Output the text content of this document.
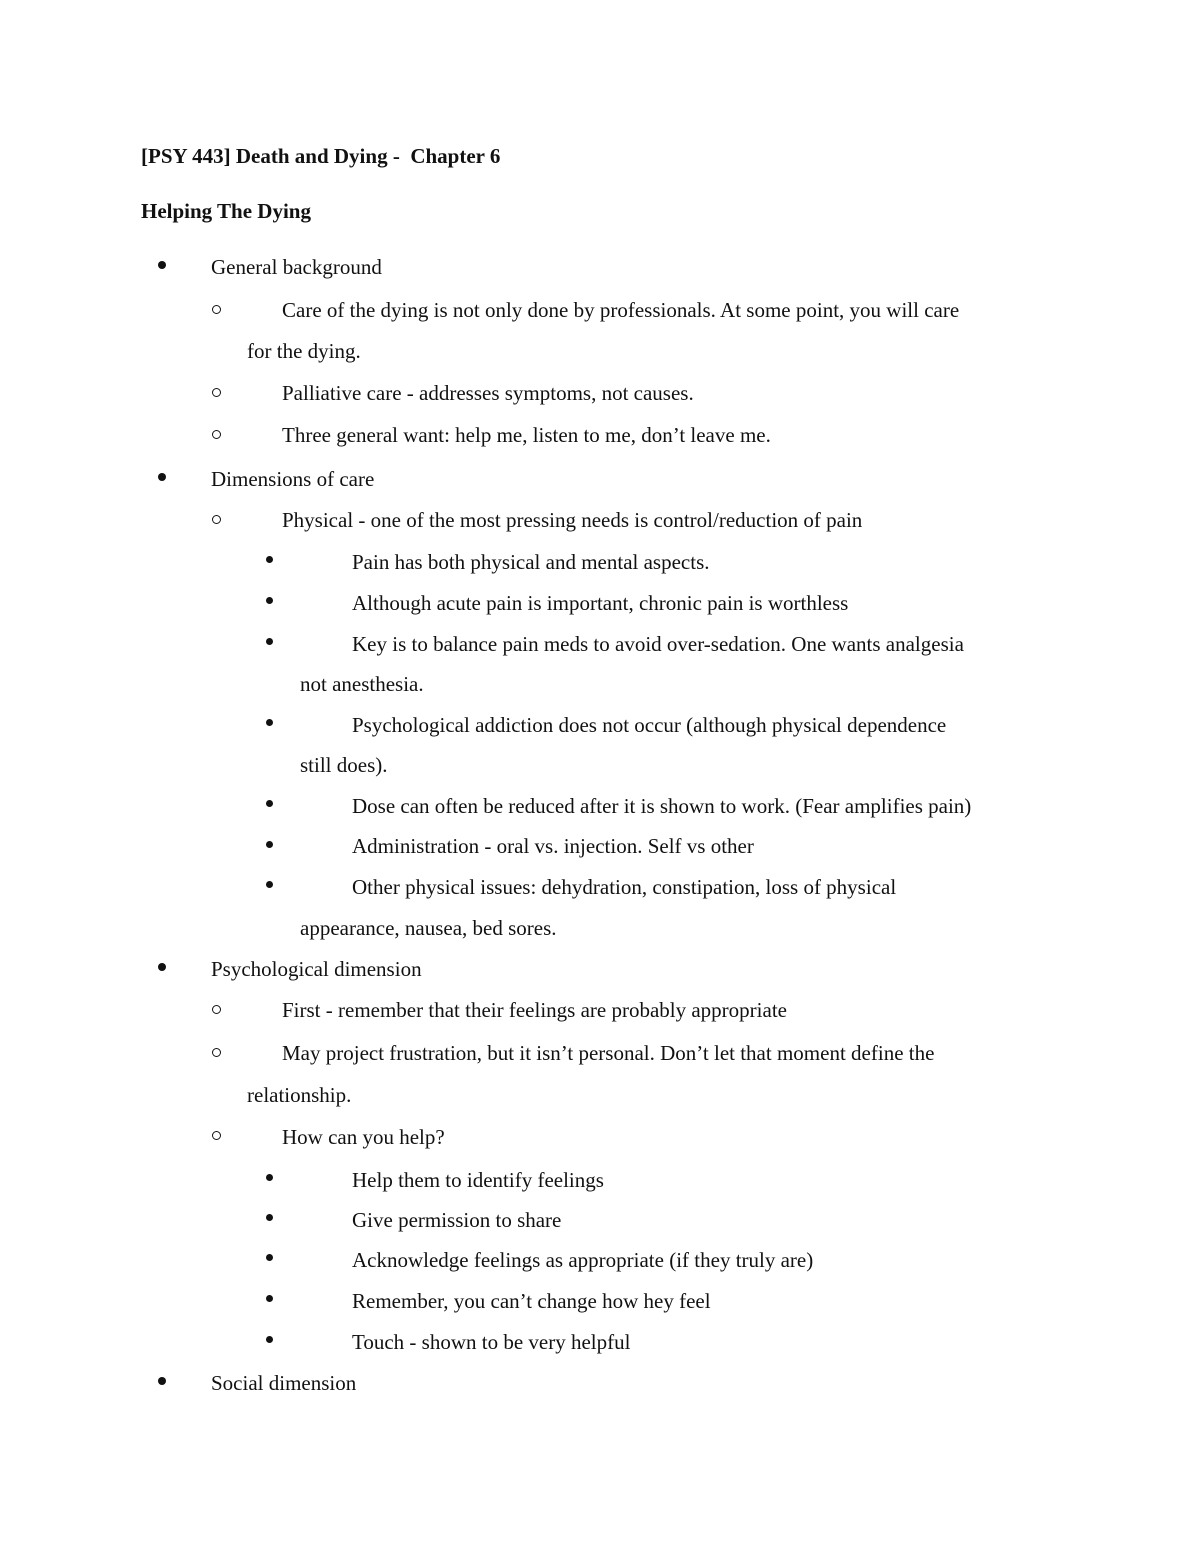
[PSY 443] Death and Dying -  Chapter 6
Helping The Dying
General background
Care of the dying is not only done by professionals. At some point, you will care
for the dying.
Palliative care - addresses symptoms, not causes.
Three general want: help me, listen to me, don’t leave me.
Dimensions of care
Physical - one of the most pressing needs is control/reduction of pain
Pain has both physical and mental aspects.
Although acute pain is important, chronic pain is worthless
Key is to balance pain meds to avoid over-sedation. One wants analgesia
not anesthesia.
Psychological addiction does not occur (although physical dependence
still does).
Dose can often be reduced after it is shown to work. (Fear amplifies pain)
Administration - oral vs. injection. Self vs other
Other physical issues: dehydration, constipation, loss of physical
appearance, nausea, bed sores.
Psychological dimension
First - remember that their feelings are probably appropriate
May project frustration, but it isn’t personal. Don’t let that moment define the
relationship.
How can you help?
Help them to identify feelings
Give permission to share
Acknowledge feelings as appropriate (if they truly are)
Remember, you can’t change how hey feel
Touch - shown to be very helpful
Social dimension
